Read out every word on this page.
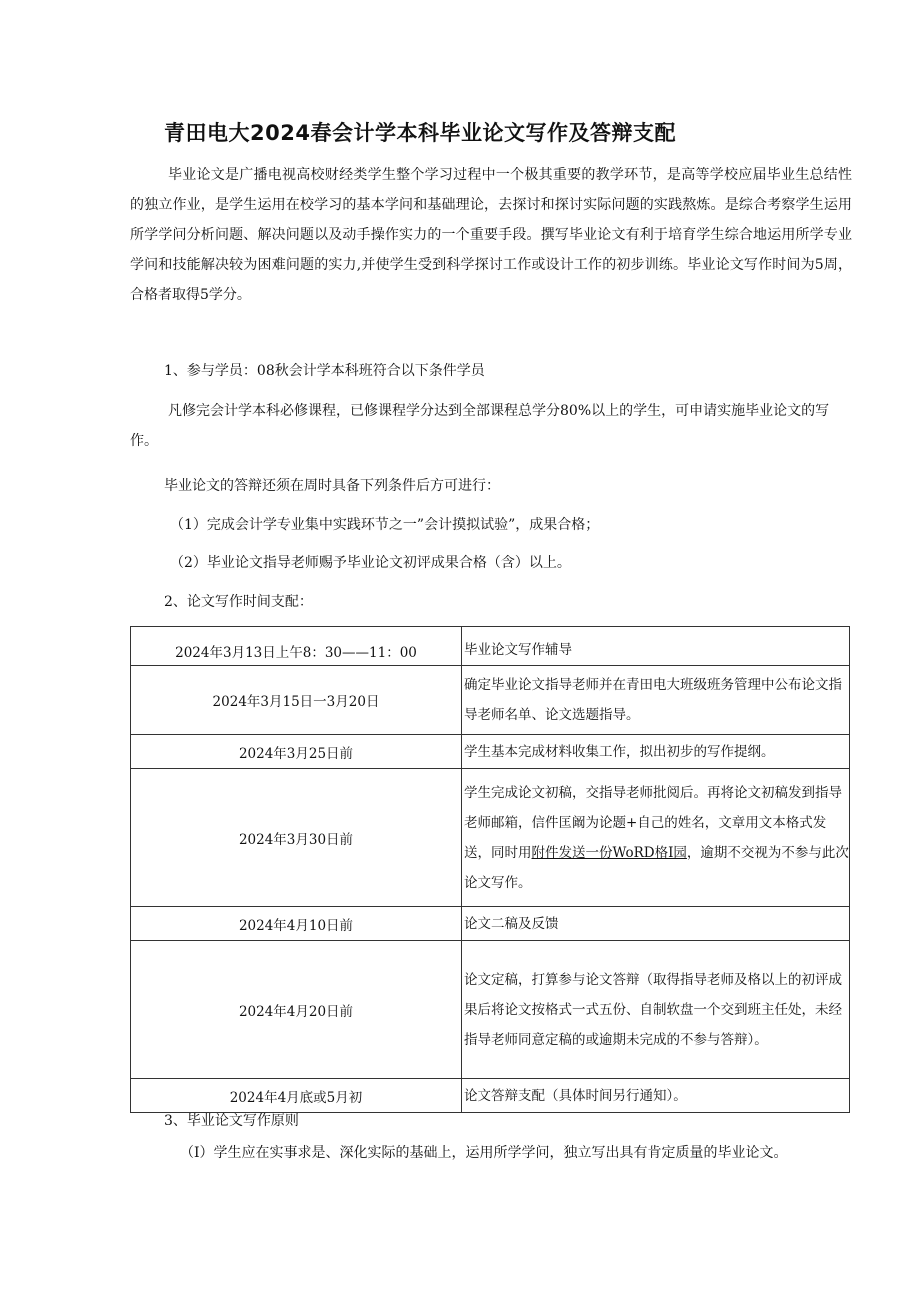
青田电大2024春会计学本科毕业论文写作及答辩支配

毕业论文是广播电视高校财经类学生整个学习过程中一个极其重要的教学环节，是高等学校应届毕业生总结性的独立作业，是学生运用在校学习的基本学问和基础理论，去探讨和探讨实际问题的实践熬炼。是综合考察学生运用所学学问分析问题、解决问题以及动手操作实力的一个重要手段。撰写毕业论文有利于培育学生综合地运用所学专业学问和技能解决较为困难问题的实力,并使学生受到科学探讨工作或设计工作的初步训练。毕业论文写作时间为5周，合格者取得5学分。

1、参与学员：08秋会计学本科班符合以下条件学员

凡修完会计学本科必修课程，已修课程学分达到全部课程总学分80%以上的学生，可申请实施毕业论文的写作。

毕业论文的答辩还须在周时具备下列条件后方可进行：

（1）完成会计学专业集中实践环节之一”会计摸拟试验”，成果合格；

（2）毕业论文指导老师赐予毕业论文初评成果合格（含）以上。

2、论文写作时间支配：

2024年3月13日上午8：30——11：00	毕业论文写作辅导
2024年3月15日一3月20日	确定毕业论文指导老师并在青田电大班级班务管理中公布论文指导老师名单、论文选题指导。
2024年3月25日前	学生基本完成材料收集工作，拟出初步的写作提纲。
2024年3月30日前	学生完成论文初稿，交指导老师批阅后。再将论文初稿发到指导老师邮箱，信件匡阚为论题+自己的姓名，文章用文本格式发送，同时用附件发送一份WoRD格I园，逾期不交视为不参与此次论文写作。
2024年4月10日前	论文二稿及反馈
2024年4月20日前	论文定稿，打算参与论文答辩（取得指导老师及格以上的初评成果后将论文按格式一式五份、自制软盘一个交到班主任处，未经指导老师同意定稿的或逾期未完成的不参与答辩）。
2024年4月底或5月初	论文答辩支配（具体时间另行通知）。

3、毕业论文写作原则

（I）学生应在实事求是、深化实际的基础上，运用所学学问，独立写出具有肯定质量的毕业论文。
